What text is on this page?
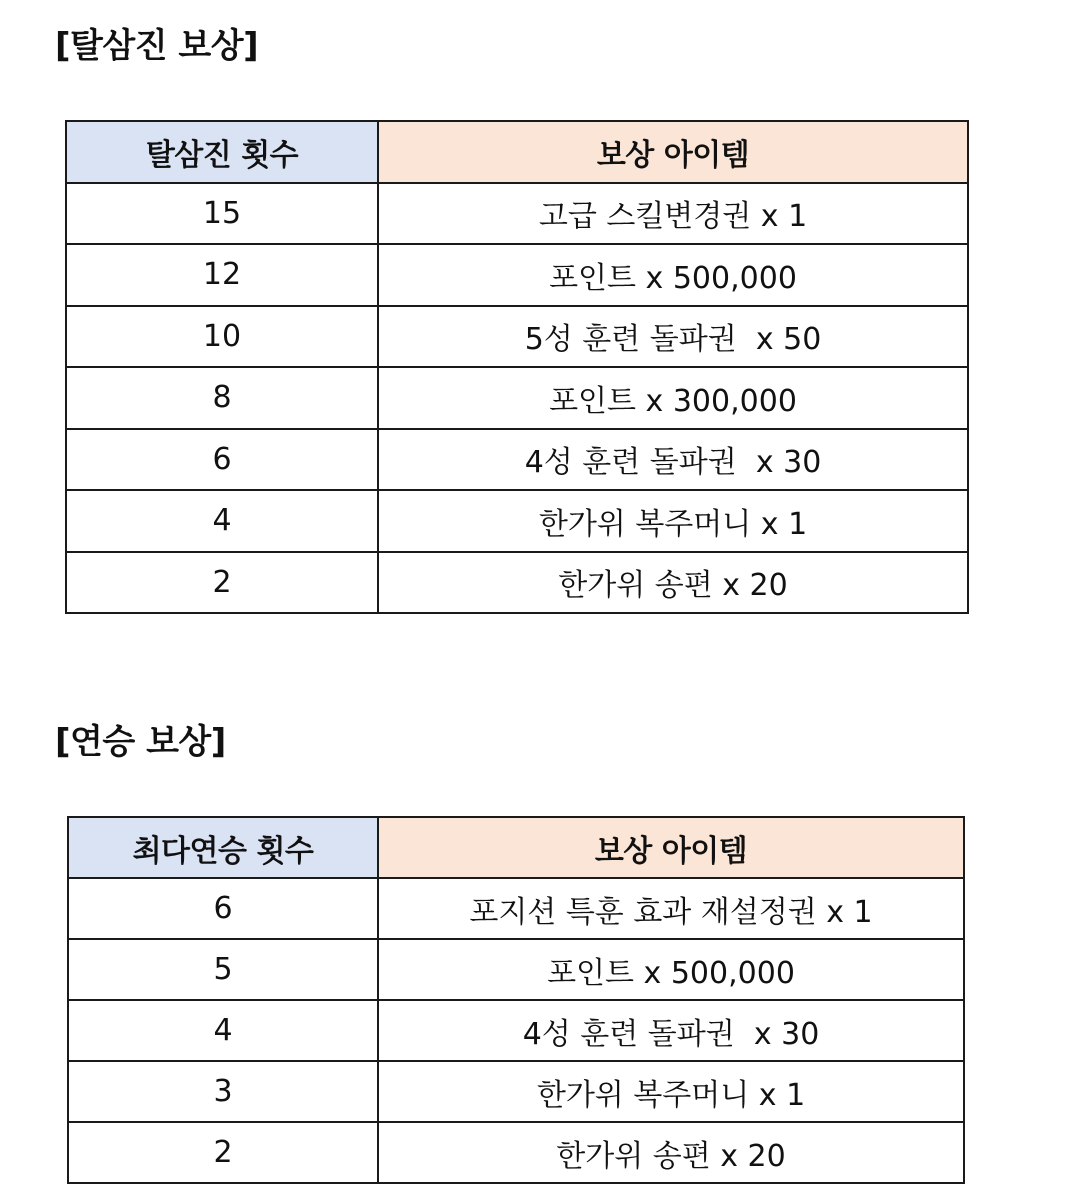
[탈삼진 보상]
탈삼진 횟수	보상 아이템
15	고급 스킬변경권 x 1
12	포인트 x 500,000
10	5성 훈련 돌파권  x 50
8	포인트 x 300,000
6	4성 훈련 돌파권  x 30
4	한가위 복주머니 x 1
2	한가위 송편 x 20
[연승 보상]
최다연승 횟수	보상 아이템
6	포지션 특훈 효과 재설정권 x 1
5	포인트 x 500,000
4	4성 훈련 돌파권  x 30
3	한가위 복주머니 x 1
2	한가위 송편 x 20
